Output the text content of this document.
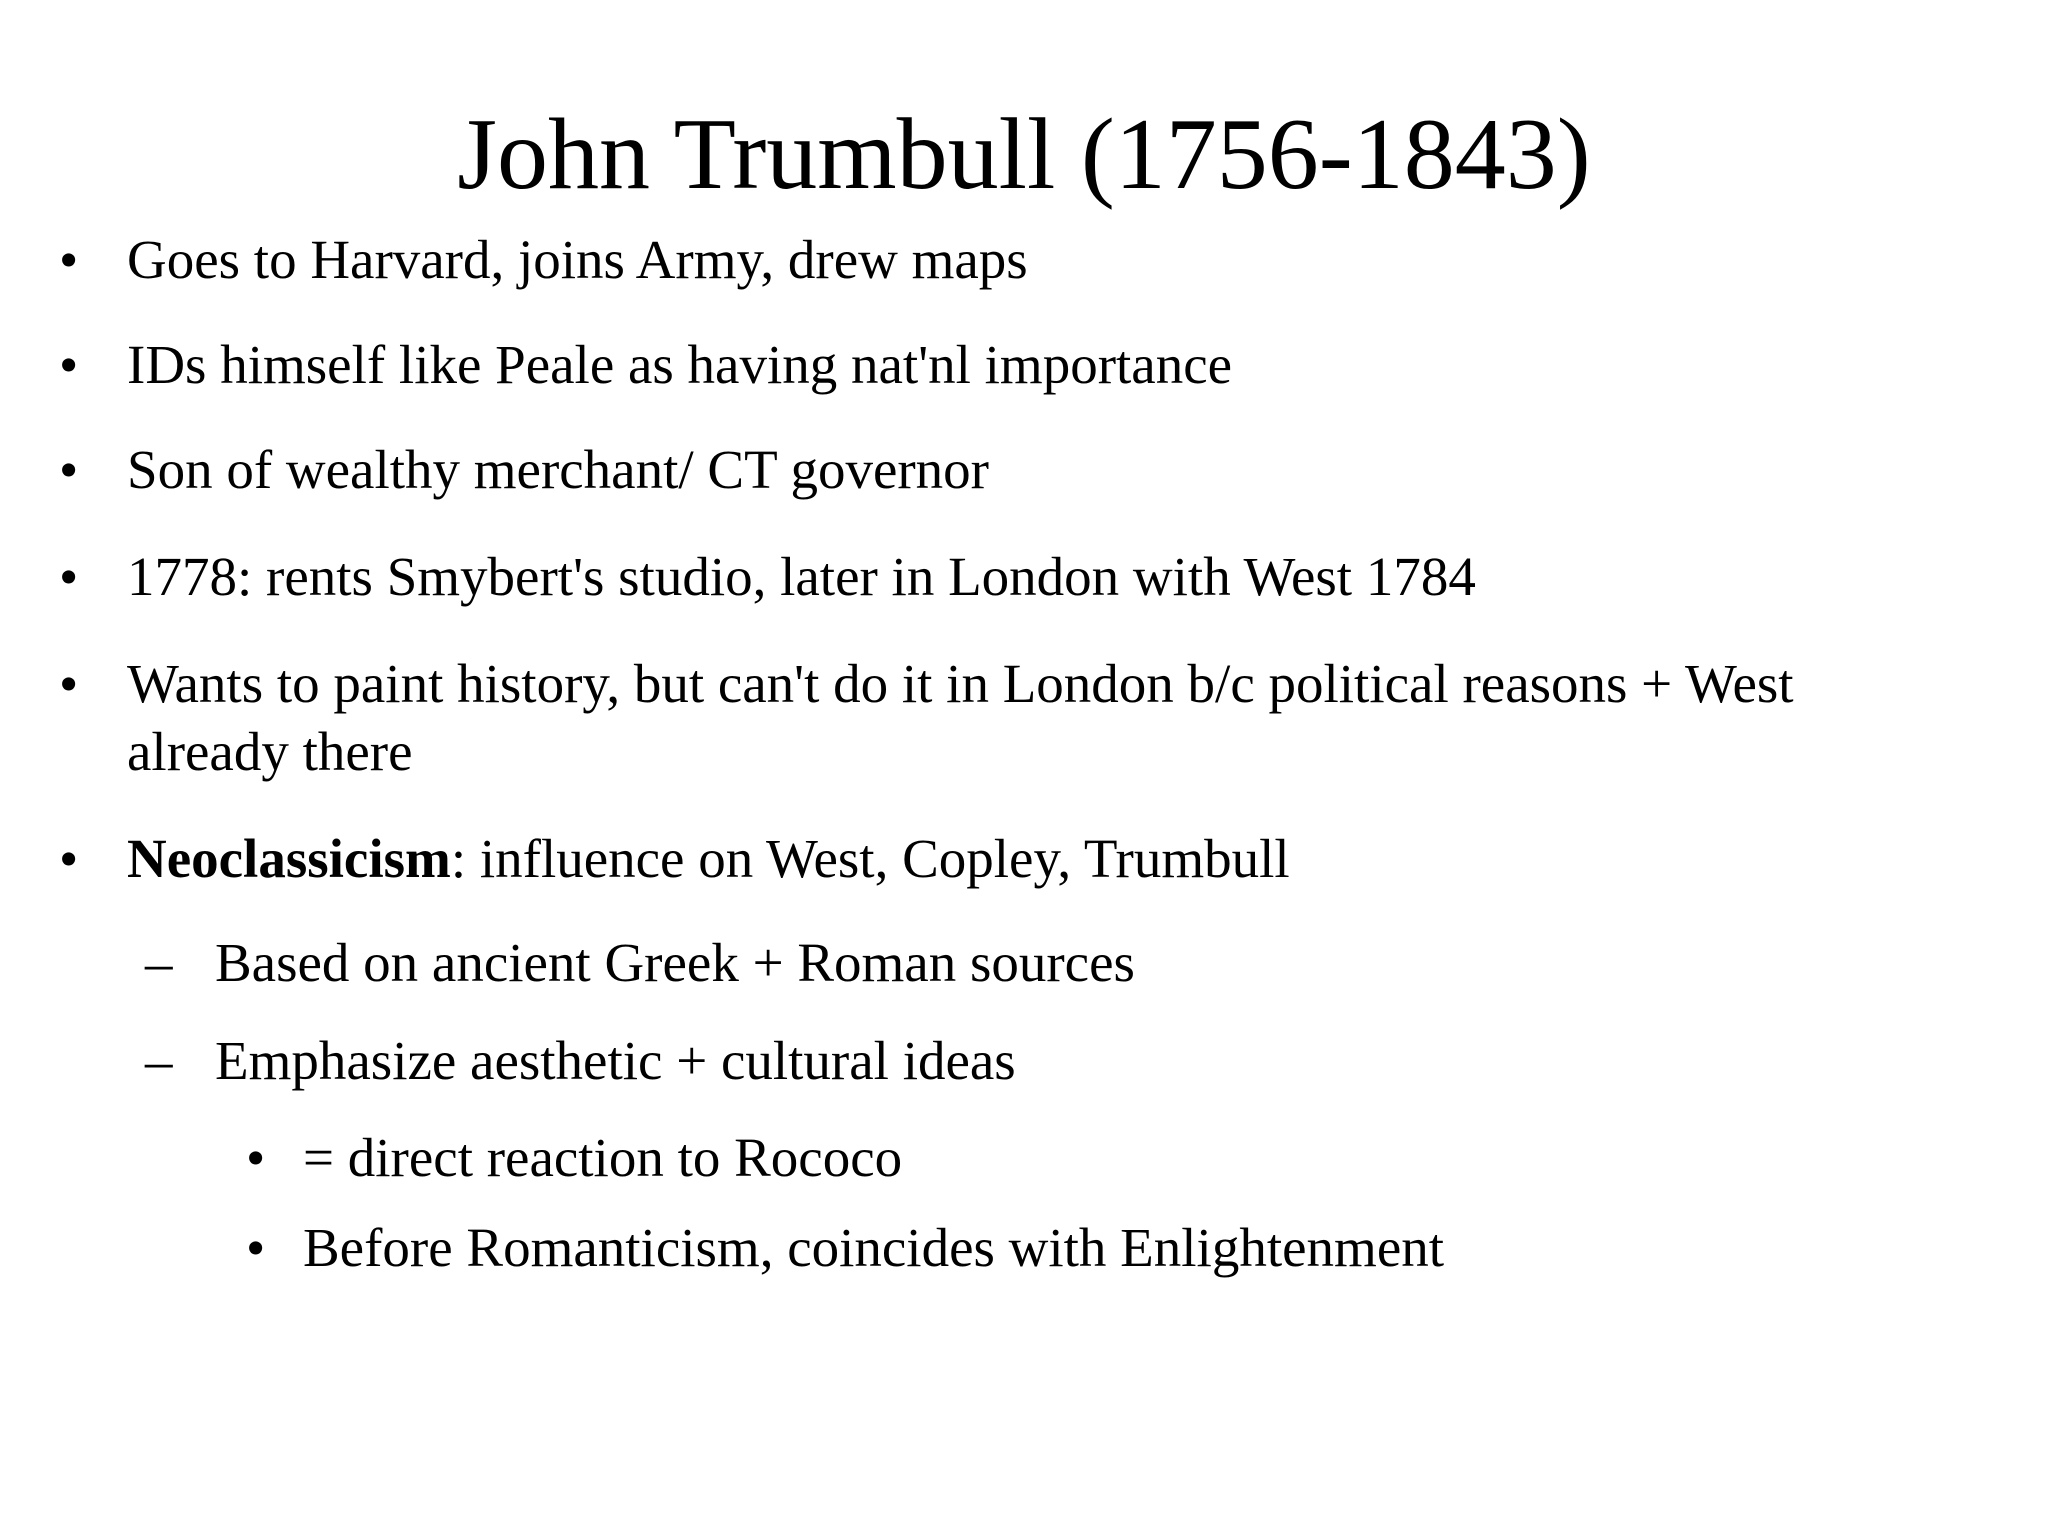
John Trumbull (1756-1843)
• Goes to Harvard, joins Army, drew maps
• IDs himself like Peale as having nat'nl importance
• Son of wealthy merchant/ CT governor
• 1778: rents Smybert's studio, later in London with West 1784
• Wants to paint history, but can't do it in London b/c political reasons + West
already there
• Neoclassicism: influence on West, Copley, Trumbull
– Based on ancient Greek + Roman sources
– Emphasize aesthetic + cultural ideas
• = direct reaction to Rococo
• Before Romanticism, coincides with Enlightenment
